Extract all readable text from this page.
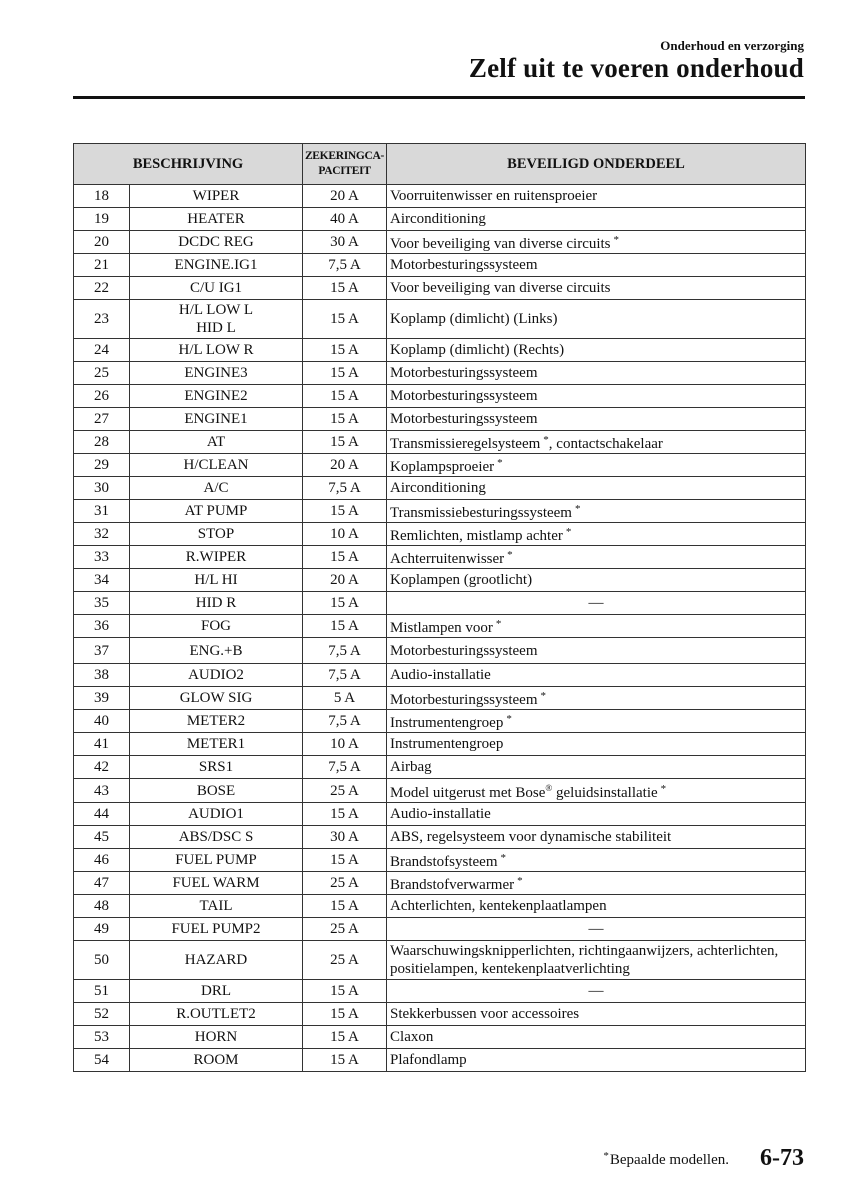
Onderhoud en verzorging
Zelf uit te voeren onderhoud
BESCHRIJVING		ZEKERINGCA-
PACITEIT	BEVEILIGD ONDERDEEL
18	WIPER	20 A	Voorruitenwisser en ruitensproeier
19	HEATER	40 A	Airconditioning
20	DCDC REG	30 A	Voor beveiliging van diverse circuits *
21	ENGINE.IG1	7,5 A	Motorbesturingssysteem
22	C/U IG1	15 A	Voor beveiliging van diverse circuits
23	H/L LOW L
HID L	15 A	Koplamp (dimlicht) (Links)
24	H/L LOW R	15 A	Koplamp (dimlicht) (Rechts)
25	ENGINE3	15 A	Motorbesturingssysteem
26	ENGINE2	15 A	Motorbesturingssysteem
27	ENGINE1	15 A	Motorbesturingssysteem
28	AT	15 A	Transmissieregelsysteem *, contactschakelaar
29	H/CLEAN	20 A	Koplampsproeier *
30	A/C	7,5 A	Airconditioning
31	AT PUMP	15 A	Transmissiebesturingssysteem *
32	STOP	10 A	Remlichten, mistlamp achter *
33	R.WIPER	15 A	Achterruitenwisser *
34	H/L HI	20 A	Koplampen (grootlicht)
35	HID R	15 A	—
36	FOG	15 A	Mistlampen voor *
37	ENG.+B	7,5 A	Motorbesturingssysteem
38	AUDIO2	7,5 A	Audio-installatie
39	GLOW SIG	5 A	Motorbesturingssysteem *
40	METER2	7,5 A	Instrumentengroep *
41	METER1	10 A	Instrumentengroep
42	SRS1	7,5 A	Airbag
43	BOSE	25 A	Model uitgerust met Bose® geluidsinstallatie *
44	AUDIO1	15 A	Audio-installatie
45	ABS/DSC S	30 A	ABS, regelsysteem voor dynamische stabiliteit
46	FUEL PUMP	15 A	Brandstofsysteem *
47	FUEL WARM	25 A	Brandstofverwarmer *
48	TAIL	15 A	Achterlichten, kentekenplaatlampen
49	FUEL PUMP2	25 A	—
50	HAZARD	25 A	Waarschuwingsknipperlichten, richtingaanwijzers, achterlichten,
positielampen, kentekenplaatverlichting
51	DRL	15 A	—
52	R.OUTLET2	15 A	Stekkerbussen voor accessoires
53	HORN	15 A	Claxon
54	ROOM	15 A	Plafondlamp
*Bepaalde modellen. 6-73
